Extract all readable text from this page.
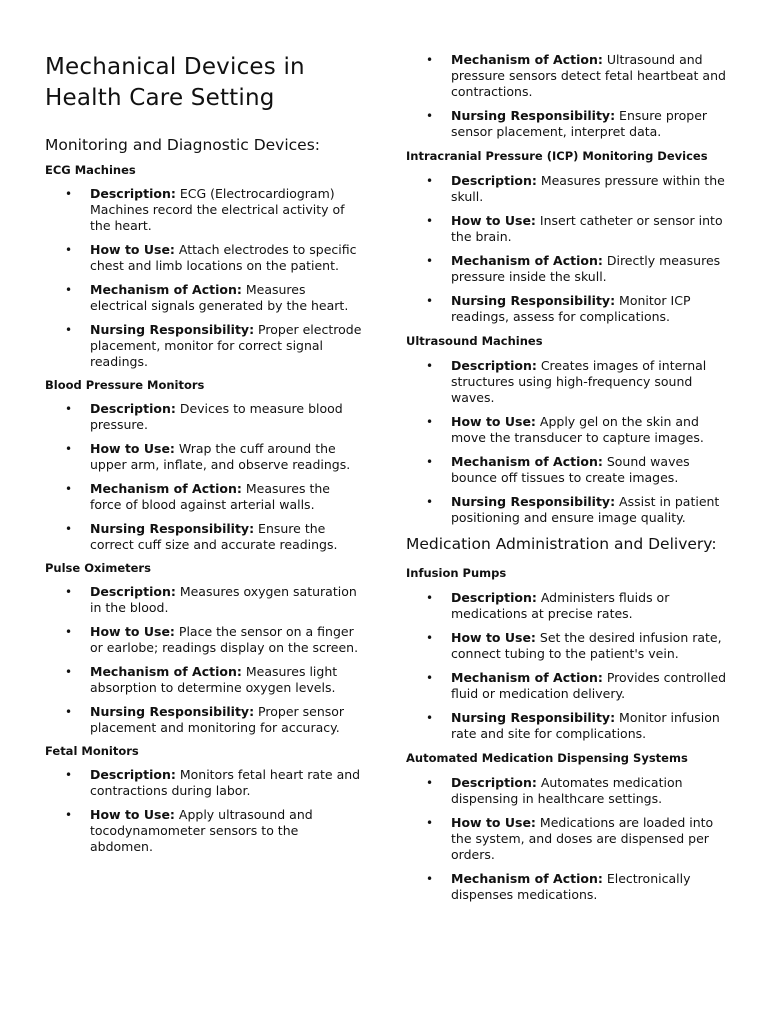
Mechanical Devices in Health Care Setting
Monitoring and Diagnostic Devices:
ECG Machines
• Description: ECG (Electrocardiogram) Machines record the electrical activity of the heart.
• How to Use: Attach electrodes to specific chest and limb locations on the patient.
• Mechanism of Action: Measures electrical signals generated by the heart.
• Nursing Responsibility: Proper electrode placement, monitor for correct signal readings.
Blood Pressure Monitors
• Description: Devices to measure blood pressure.
• How to Use: Wrap the cuff around the upper arm, inflate, and observe readings.
• Mechanism of Action: Measures the force of blood against arterial walls.
• Nursing Responsibility: Ensure the correct cuff size and accurate readings.
Pulse Oximeters
• Description: Measures oxygen saturation in the blood.
• How to Use: Place the sensor on a finger or earlobe; readings display on the screen.
• Mechanism of Action: Measures light absorption to determine oxygen levels.
• Nursing Responsibility: Proper sensor placement and monitoring for accuracy.
Fetal Monitors
• Description: Monitors fetal heart rate and contractions during labor.
• How to Use: Apply ultrasound and tocodynamometer sensors to the abdomen.
• Mechanism of Action: Ultrasound and pressure sensors detect fetal heartbeat and contractions.
• Nursing Responsibility: Ensure proper sensor placement, interpret data.
Intracranial Pressure (ICP) Monitoring Devices
• Description: Measures pressure within the skull.
• How to Use: Insert catheter or sensor into the brain.
• Mechanism of Action: Directly measures pressure inside the skull.
• Nursing Responsibility: Monitor ICP readings, assess for complications.
Ultrasound Machines
• Description: Creates images of internal structures using high-frequency sound waves.
• How to Use: Apply gel on the skin and move the transducer to capture images.
• Mechanism of Action: Sound waves bounce off tissues to create images.
• Nursing Responsibility: Assist in patient positioning and ensure image quality.
Medication Administration and Delivery:
Infusion Pumps
• Description: Administers fluids or medications at precise rates.
• How to Use: Set the desired infusion rate, connect tubing to the patient's vein.
• Mechanism of Action: Provides controlled fluid or medication delivery.
• Nursing Responsibility: Monitor infusion rate and site for complications.
Automated Medication Dispensing Systems
• Description: Automates medication dispensing in healthcare settings.
• How to Use: Medications are loaded into the system, and doses are dispensed per orders.
• Mechanism of Action: Electronically dispenses medications.
